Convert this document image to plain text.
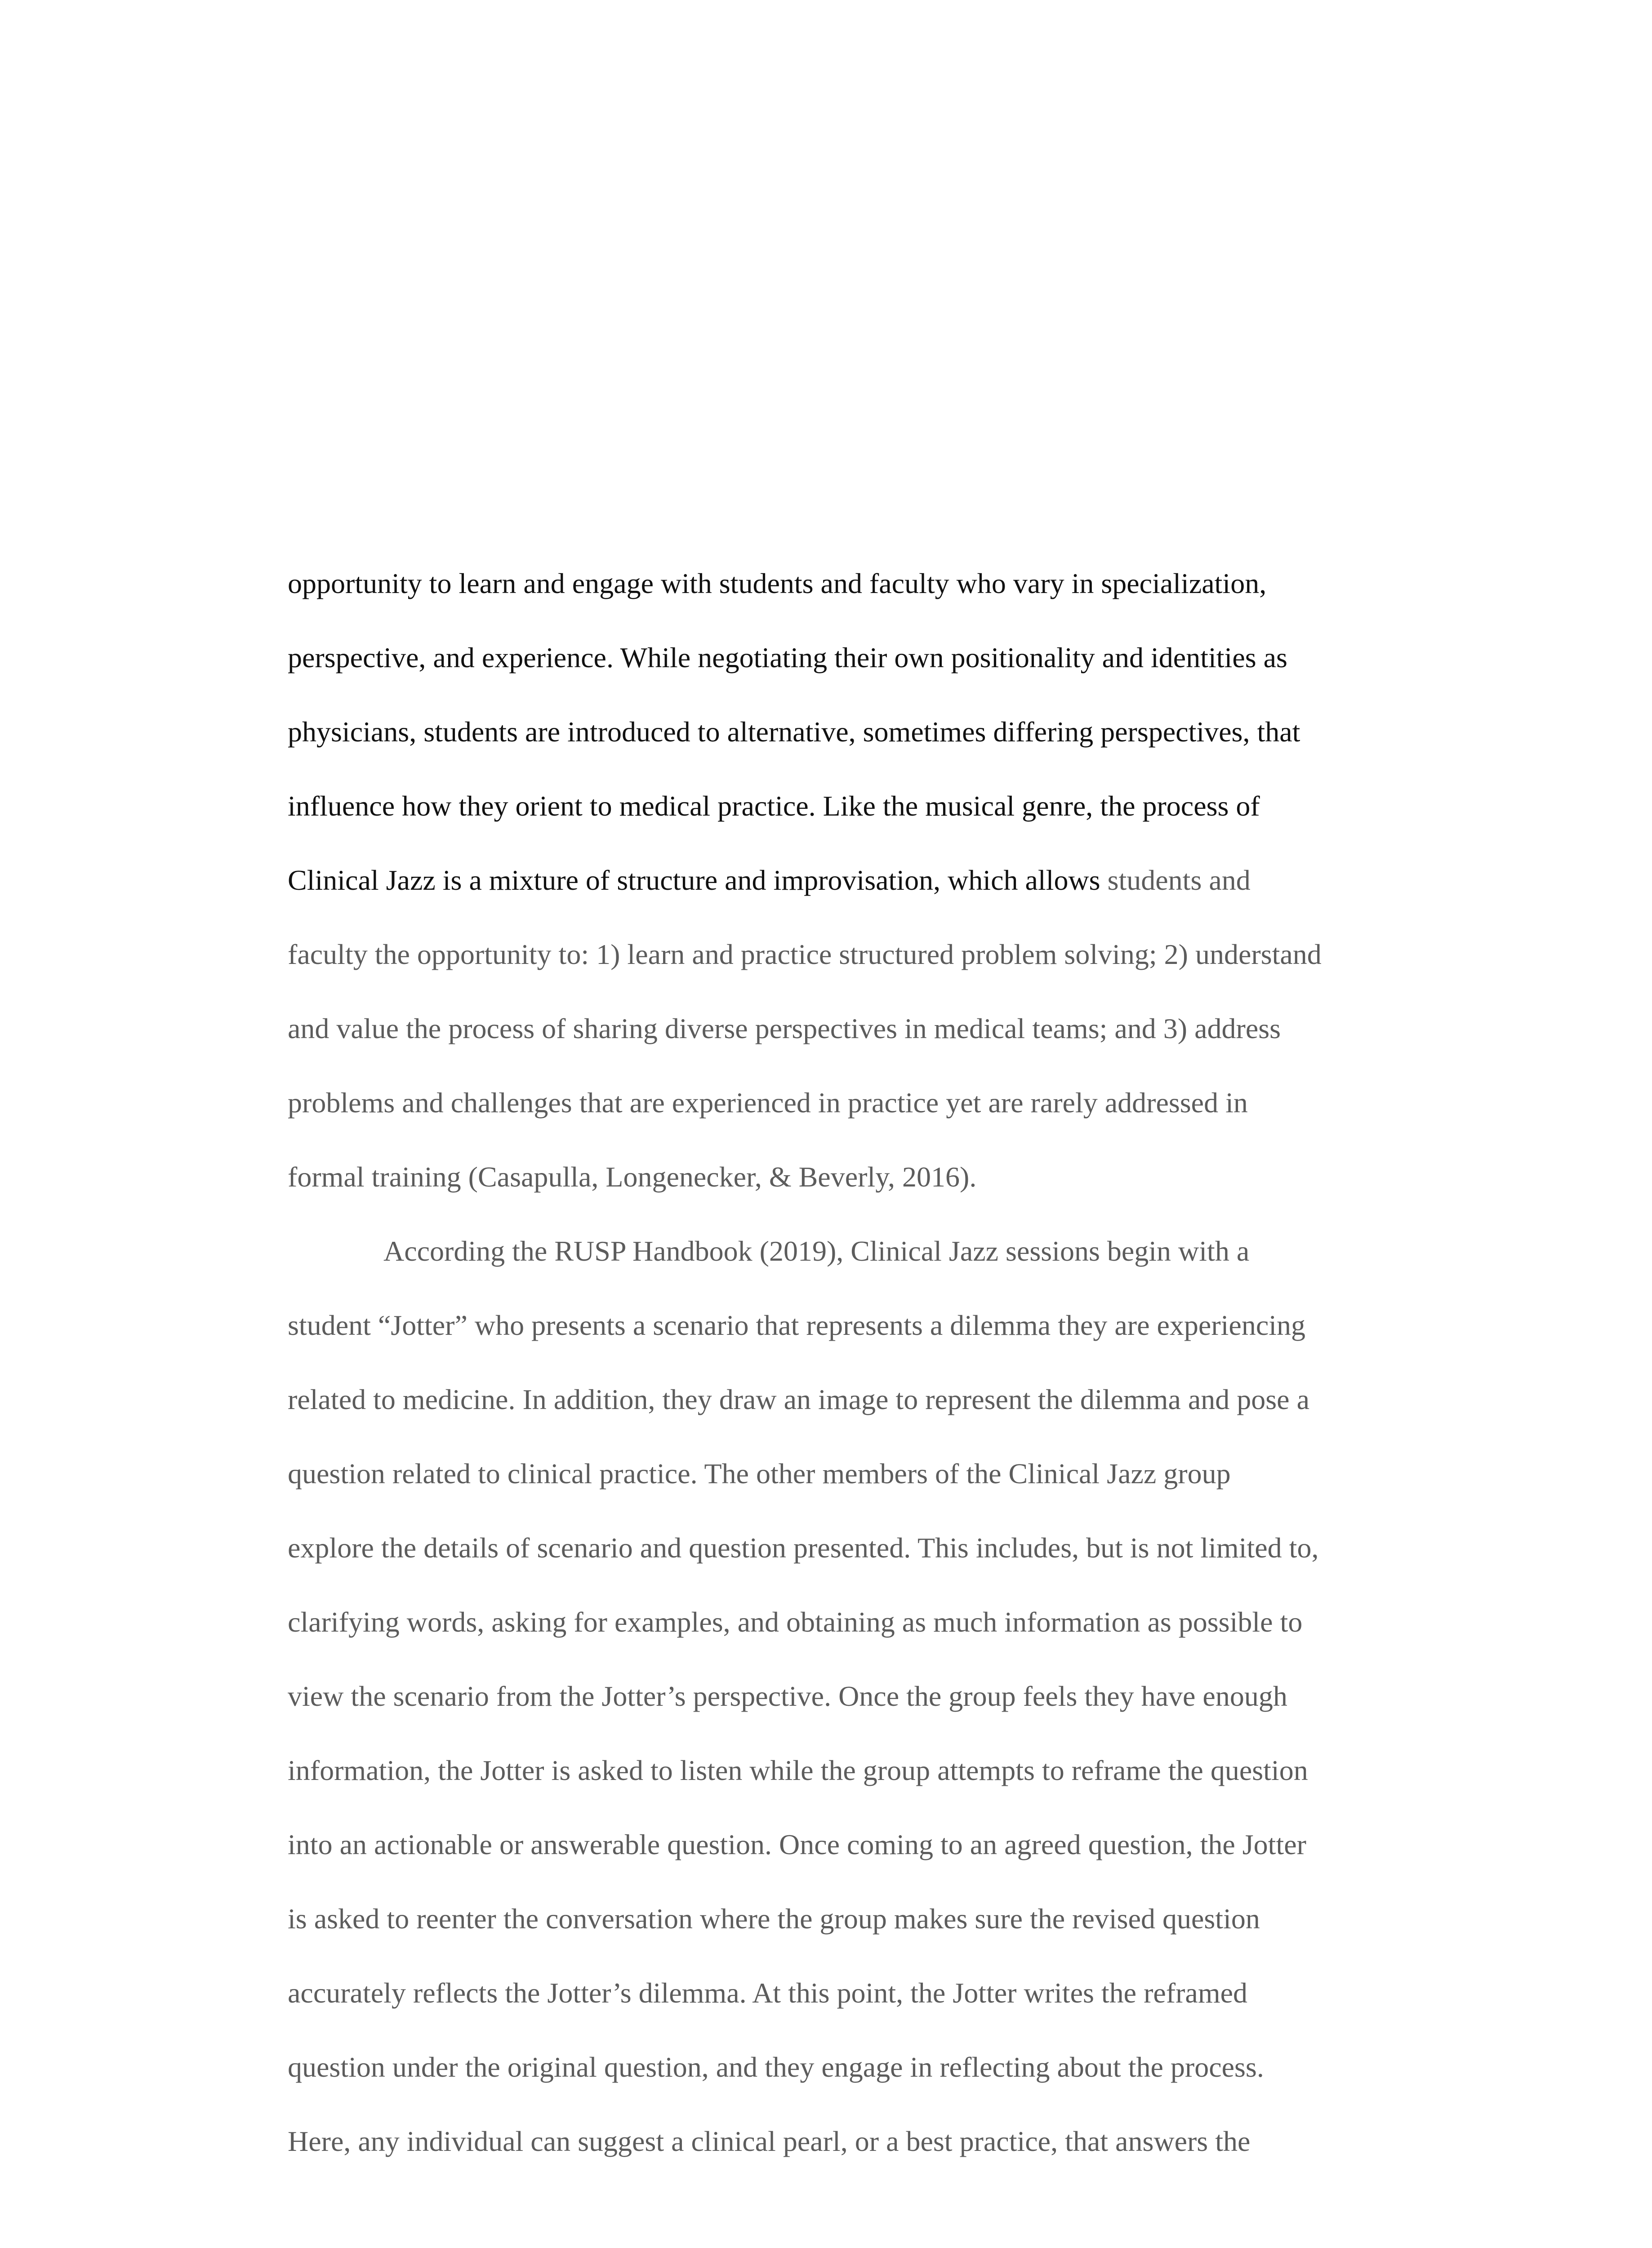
opportunity to learn and engage with students and faculty who vary in specialization,
perspective, and experience. While negotiating their own positionality and identities as
physicians, students are introduced to alternative, sometimes differing perspectives, that
influence how they orient to medical practice. Like the musical genre, the process of
Clinical Jazz is a mixture of structure and improvisation, which allows students and
faculty the opportunity to: 1) learn and practice structured problem solving; 2) understand
and value the process of sharing diverse perspectives in medical teams; and 3) address
problems and challenges that are experienced in practice yet are rarely addressed in
formal training (Casapulla, Longenecker, & Beverly, 2016).
According the RUSP Handbook (2019), Clinical Jazz sessions begin with a
student “Jotter” who presents a scenario that represents a dilemma they are experiencing
related to medicine. In addition, they draw an image to represent the dilemma and pose a
question related to clinical practice. The other members of the Clinical Jazz group
explore the details of scenario and question presented. This includes, but is not limited to,
clarifying words, asking for examples, and obtaining as much information as possible to
view the scenario from the Jotter’s perspective. Once the group feels they have enough
information, the Jotter is asked to listen while the group attempts to reframe the question
into an actionable or answerable question. Once coming to an agreed question, the Jotter
is asked to reenter the conversation where the group makes sure the revised question
accurately reflects the Jotter’s dilemma. At this point, the Jotter writes the reframed
question under the original question, and they engage in reflecting about the process.
Here, any individual can suggest a clinical pearl, or a best practice, that answers the
